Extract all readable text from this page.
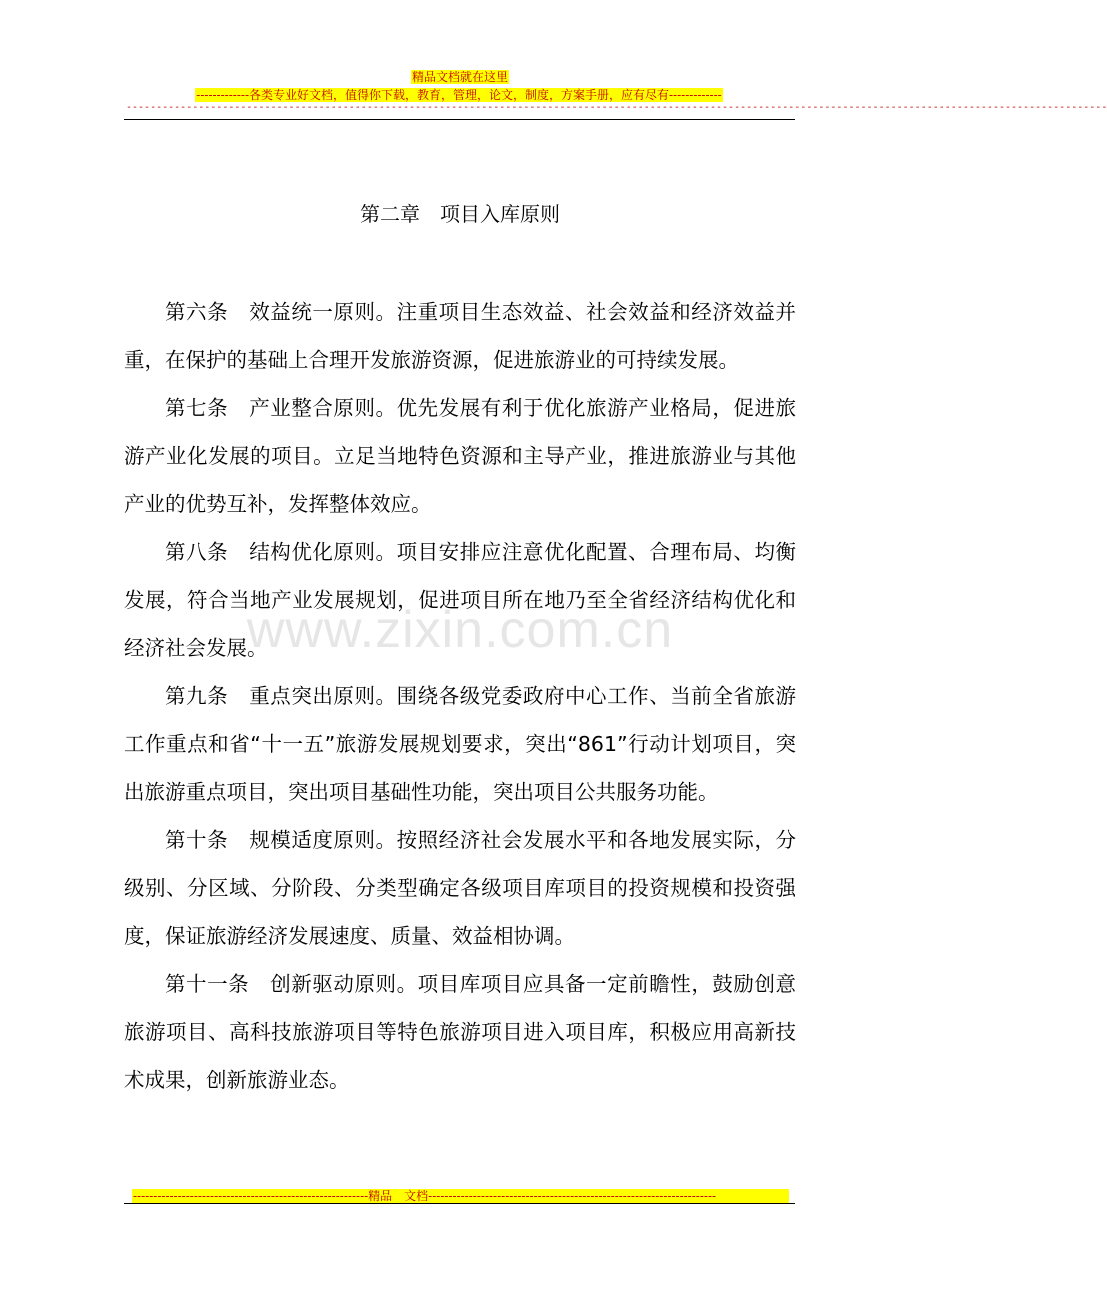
精品文档就在这里
-------------各类专业好文档，值得你下载，教育，管理，论文，制度，方案手册，应有尽有-------------
-------------------------------------------------------------------------------------------------------------------------------------------------------------------
www.zixin.com.cn
第二章　项目入库原则

第六条　 效益统一原则。注重项目生态效益、社会效益和经济效益并重，在保护的基础上合理开发旅游资源，促进旅游业的可持续发展。

第七条　 产业整合原则。优先发展有利于优化旅游产业格局，促进旅游产业化发展的项目。立足当地特色资源和主导产业，推进旅游业与其他产业的优势互补，发挥整体效应。

第八条　 结构优化原则。项目安排应注意优化配置、合理布局、均衡发展，符合当地产业发展规划，促进项目所在地乃至全省经济结构优化和经济社会发展。

第九条　 重点突出原则。围绕各级党委政府中心工作、当前全省旅游工作重点和省“十一五”旅游发展规划要求，突出“861”行动计划项目，突出旅游重点项目，突出项目基础性功能，突出项目公共服务功能。

第十条　 规模适度原则。按照经济社会发展水平和各地发展实际，分级别、分区域、分阶段、分类型确定各级项目库项目的投资规模和投资强度，保证旅游经济发展速度、质量、效益相协调。

第十一条　 创新驱动原则。项目库项目应具备一定前瞻性，鼓励创意旅游项目、高科技旅游项目等特色旅游项目进入项目库，积极应用高新技术成果，创新旅游业态。

----------------------------------------------------------精品　文档-----------------------------------------------------------------------
